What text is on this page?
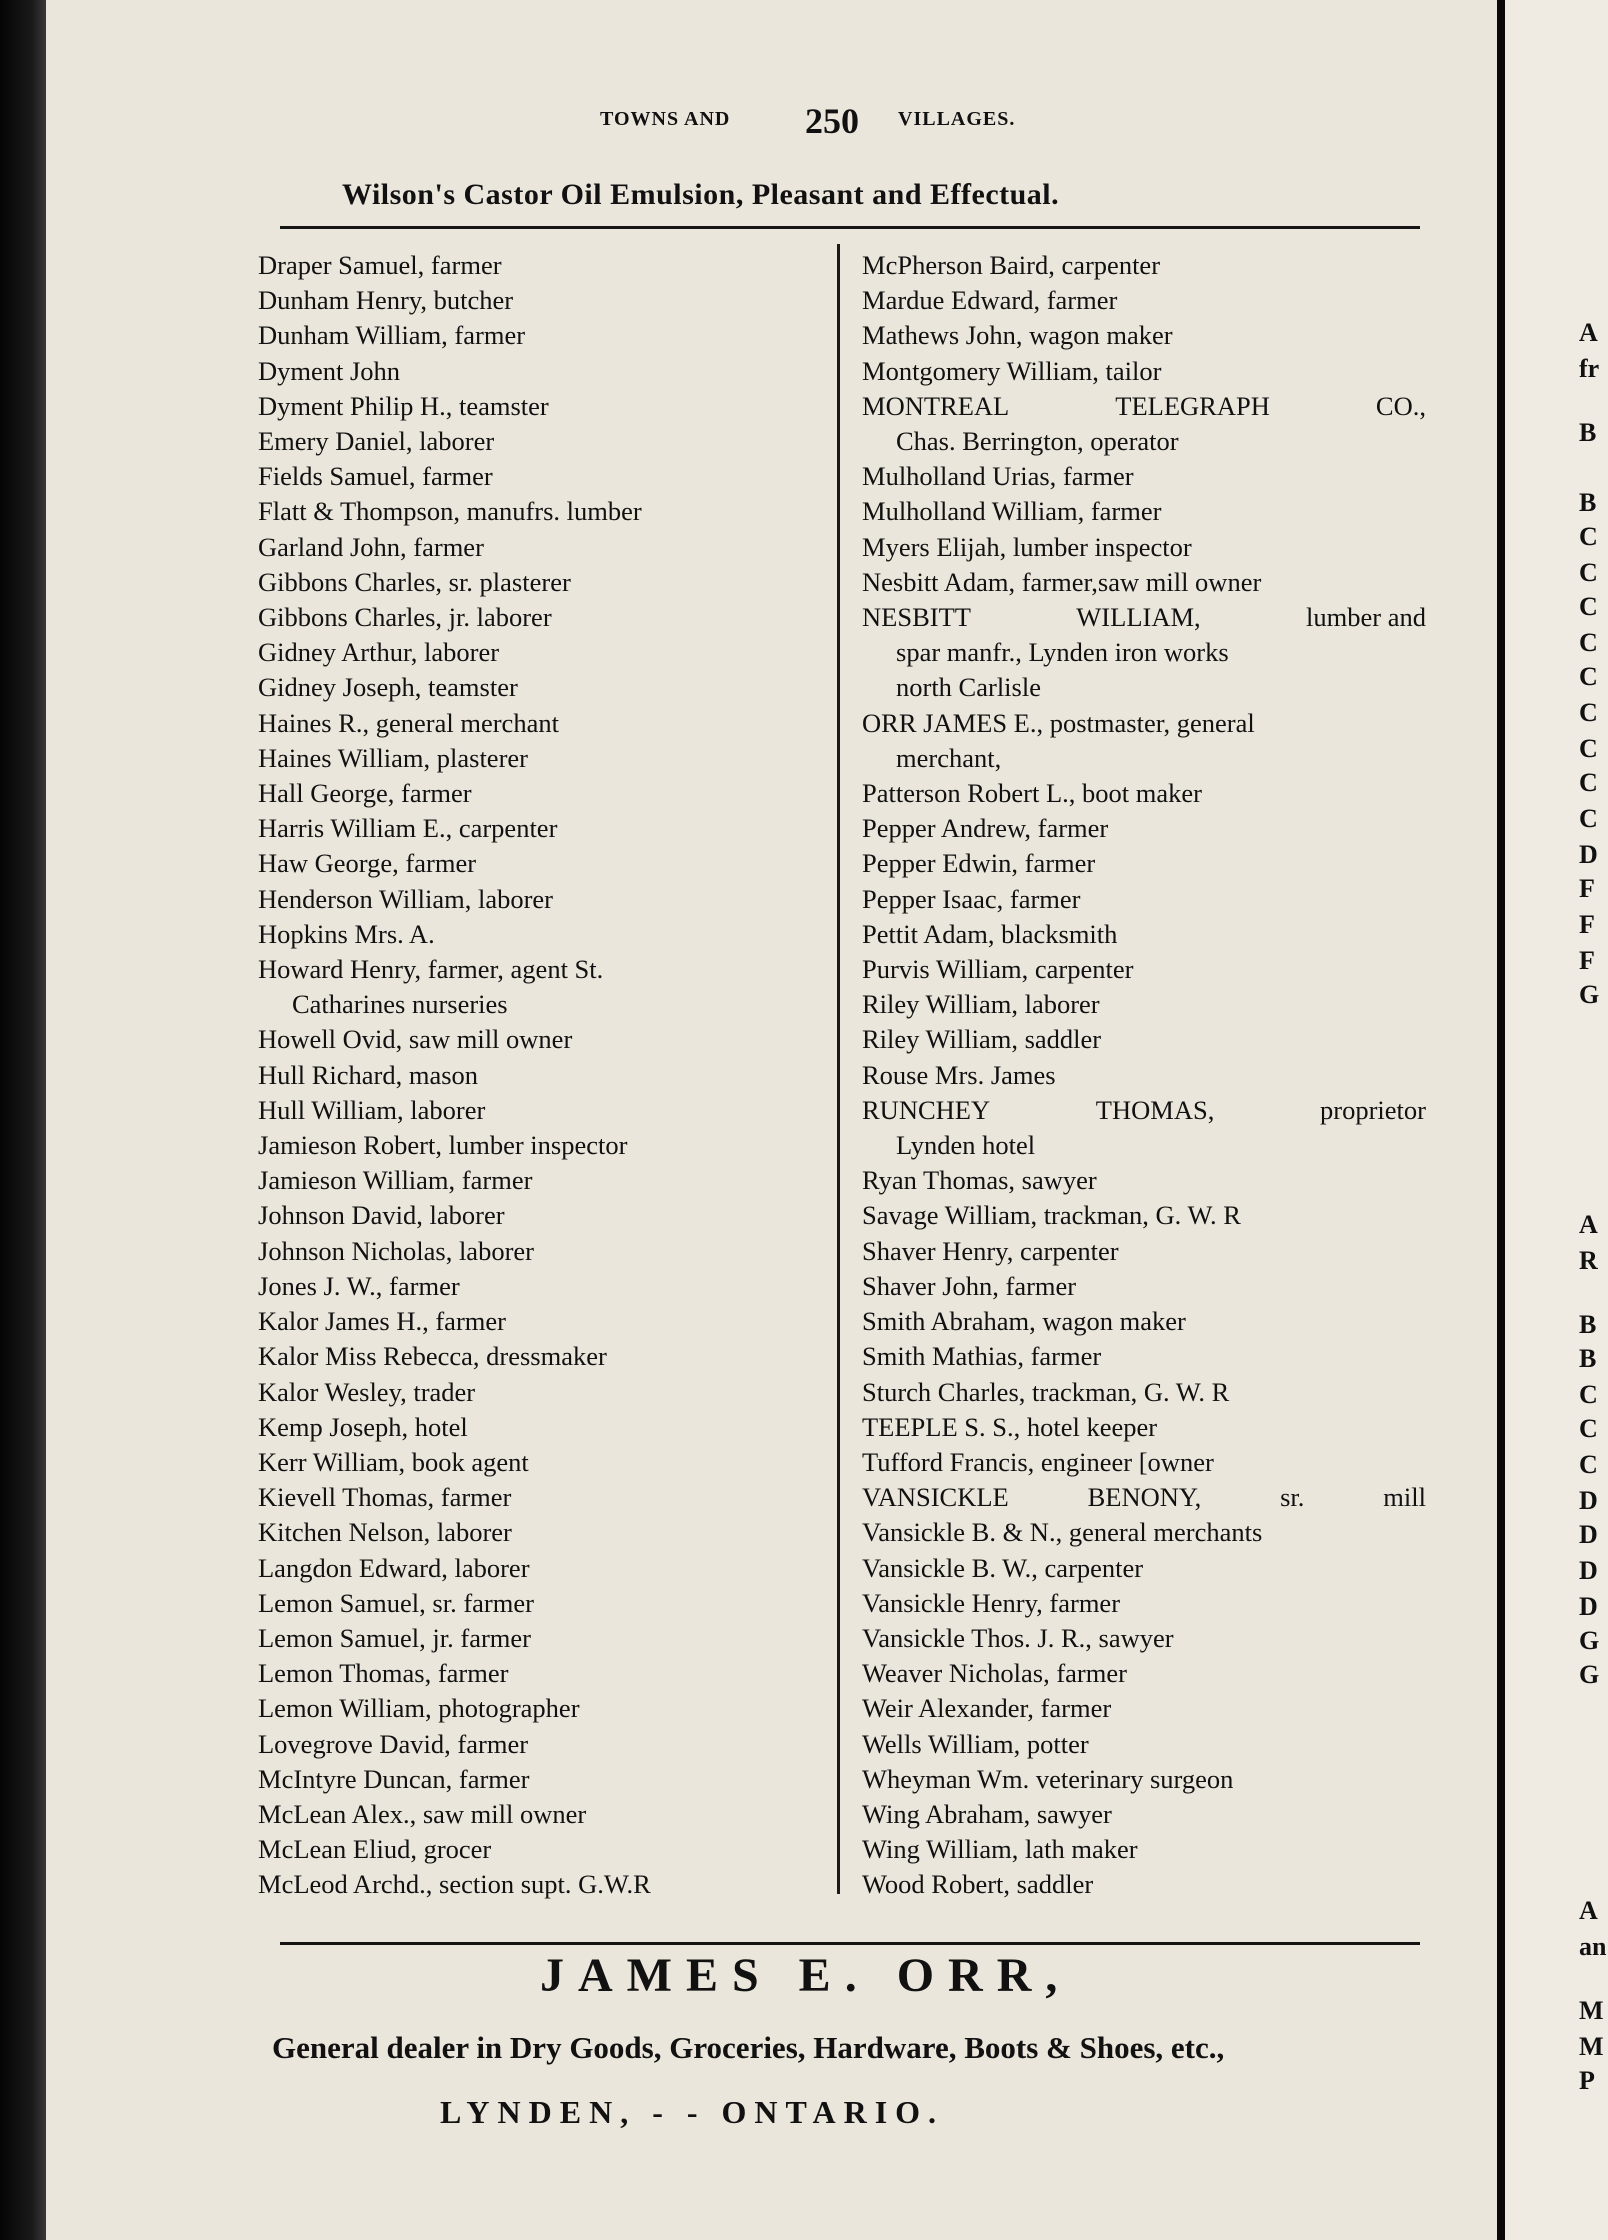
TOWNS AND 250 VILLAGES.
Wilson's Castor Oil Emulsion, Pleasant and Effectual.
Draper Samuel, farmer
Dunham Henry, butcher
Dunham William, farmer
Dyment John
Dyment Philip H., teamster
Emery Daniel, laborer
Fields Samuel, farmer
Flatt & Thompson, manufrs. lumber
Garland John, farmer
Gibbons Charles, sr. plasterer
Gibbons Charles, jr. laborer
Gidney Arthur, laborer
Gidney Joseph, teamster
Haines R., general merchant
Haines William, plasterer
Hall George, farmer
Harris William E., carpenter
Haw George, farmer
Henderson William, laborer
Hopkins Mrs. A.
Howard Henry, farmer, agent St.
Catharines nurseries
Howell Ovid, saw mill owner
Hull Richard, mason
Hull William, laborer
Jamieson Robert, lumber inspector
Jamieson William, farmer
Johnson David, laborer
Johnson Nicholas, laborer
Jones J. W., farmer
Kalor James H., farmer
Kalor Miss Rebecca, dressmaker
Kalor Wesley, trader
Kemp Joseph, hotel
Kerr William, book agent
Kievell Thomas, farmer
Kitchen Nelson, laborer
Langdon Edward, laborer
Lemon Samuel, sr. farmer
Lemon Samuel, jr. farmer
Lemon Thomas, farmer
Lemon William, photographer
Lovegrove David, farmer
McIntyre Duncan, farmer
McLean Alex., saw mill owner
McLean Eliud, grocer
McLeod Archd., section supt. G.W.R
McPherson Baird, carpenter
Mardue Edward, farmer
Mathews John, wagon maker
Montgomery William, tailor
MONTREAL	TELEGRAPH	CO.,
Chas. Berrington, operator
Mulholland Urias, farmer
Mulholland William, farmer
Myers Elijah, lumber inspector
Nesbitt Adam, farmer,saw mill owner
NESBITT	WILLIAM,	lumber and
spar manfr., Lynden iron works
north Carlisle
ORR JAMES E., postmaster, general
merchant,
Patterson Robert L., boot maker
Pepper Andrew, farmer
Pepper Edwin, farmer
Pepper Isaac, farmer
Pettit Adam, blacksmith
Purvis William, carpenter
Riley William, laborer
Riley William, saddler
Rouse Mrs. James
RUNCHEY	THOMAS,	proprietor
Lynden hotel
Ryan Thomas, sawyer
Savage William, trackman, G. W. R
Shaver Henry, carpenter
Shaver John, farmer
Smith Abraham, wagon maker
Smith Mathias, farmer
Sturch Charles, trackman, G. W. R
TEEPLE S. S., hotel keeper
Tufford Francis, engineer [owner
VANSICKLE	BENONY,	sr.	mill
Vansickle B. & N., general merchants
Vansickle B. W., carpenter
Vansickle Henry, farmer
Vansickle Thos. J. R., sawyer
Weaver Nicholas, farmer
Weir Alexander, farmer
Wells William, potter
Wheyman Wm. veterinary surgeon
Wing Abraham, sawyer
Wing William, lath maker
Wood Robert, saddler
JAMES E. ORR,
General dealer in Dry Goods, Groceries, Hardware, Boots & Shoes, etc.,
LYNDEN, - - ONTARIO.
A
fr
B
B
C
C
C
C
C
C
C
C
C
D
F
F
F
G
A
R
B
B
C
C
C
D
D
D
D
G
G
A
an
M
M
P
